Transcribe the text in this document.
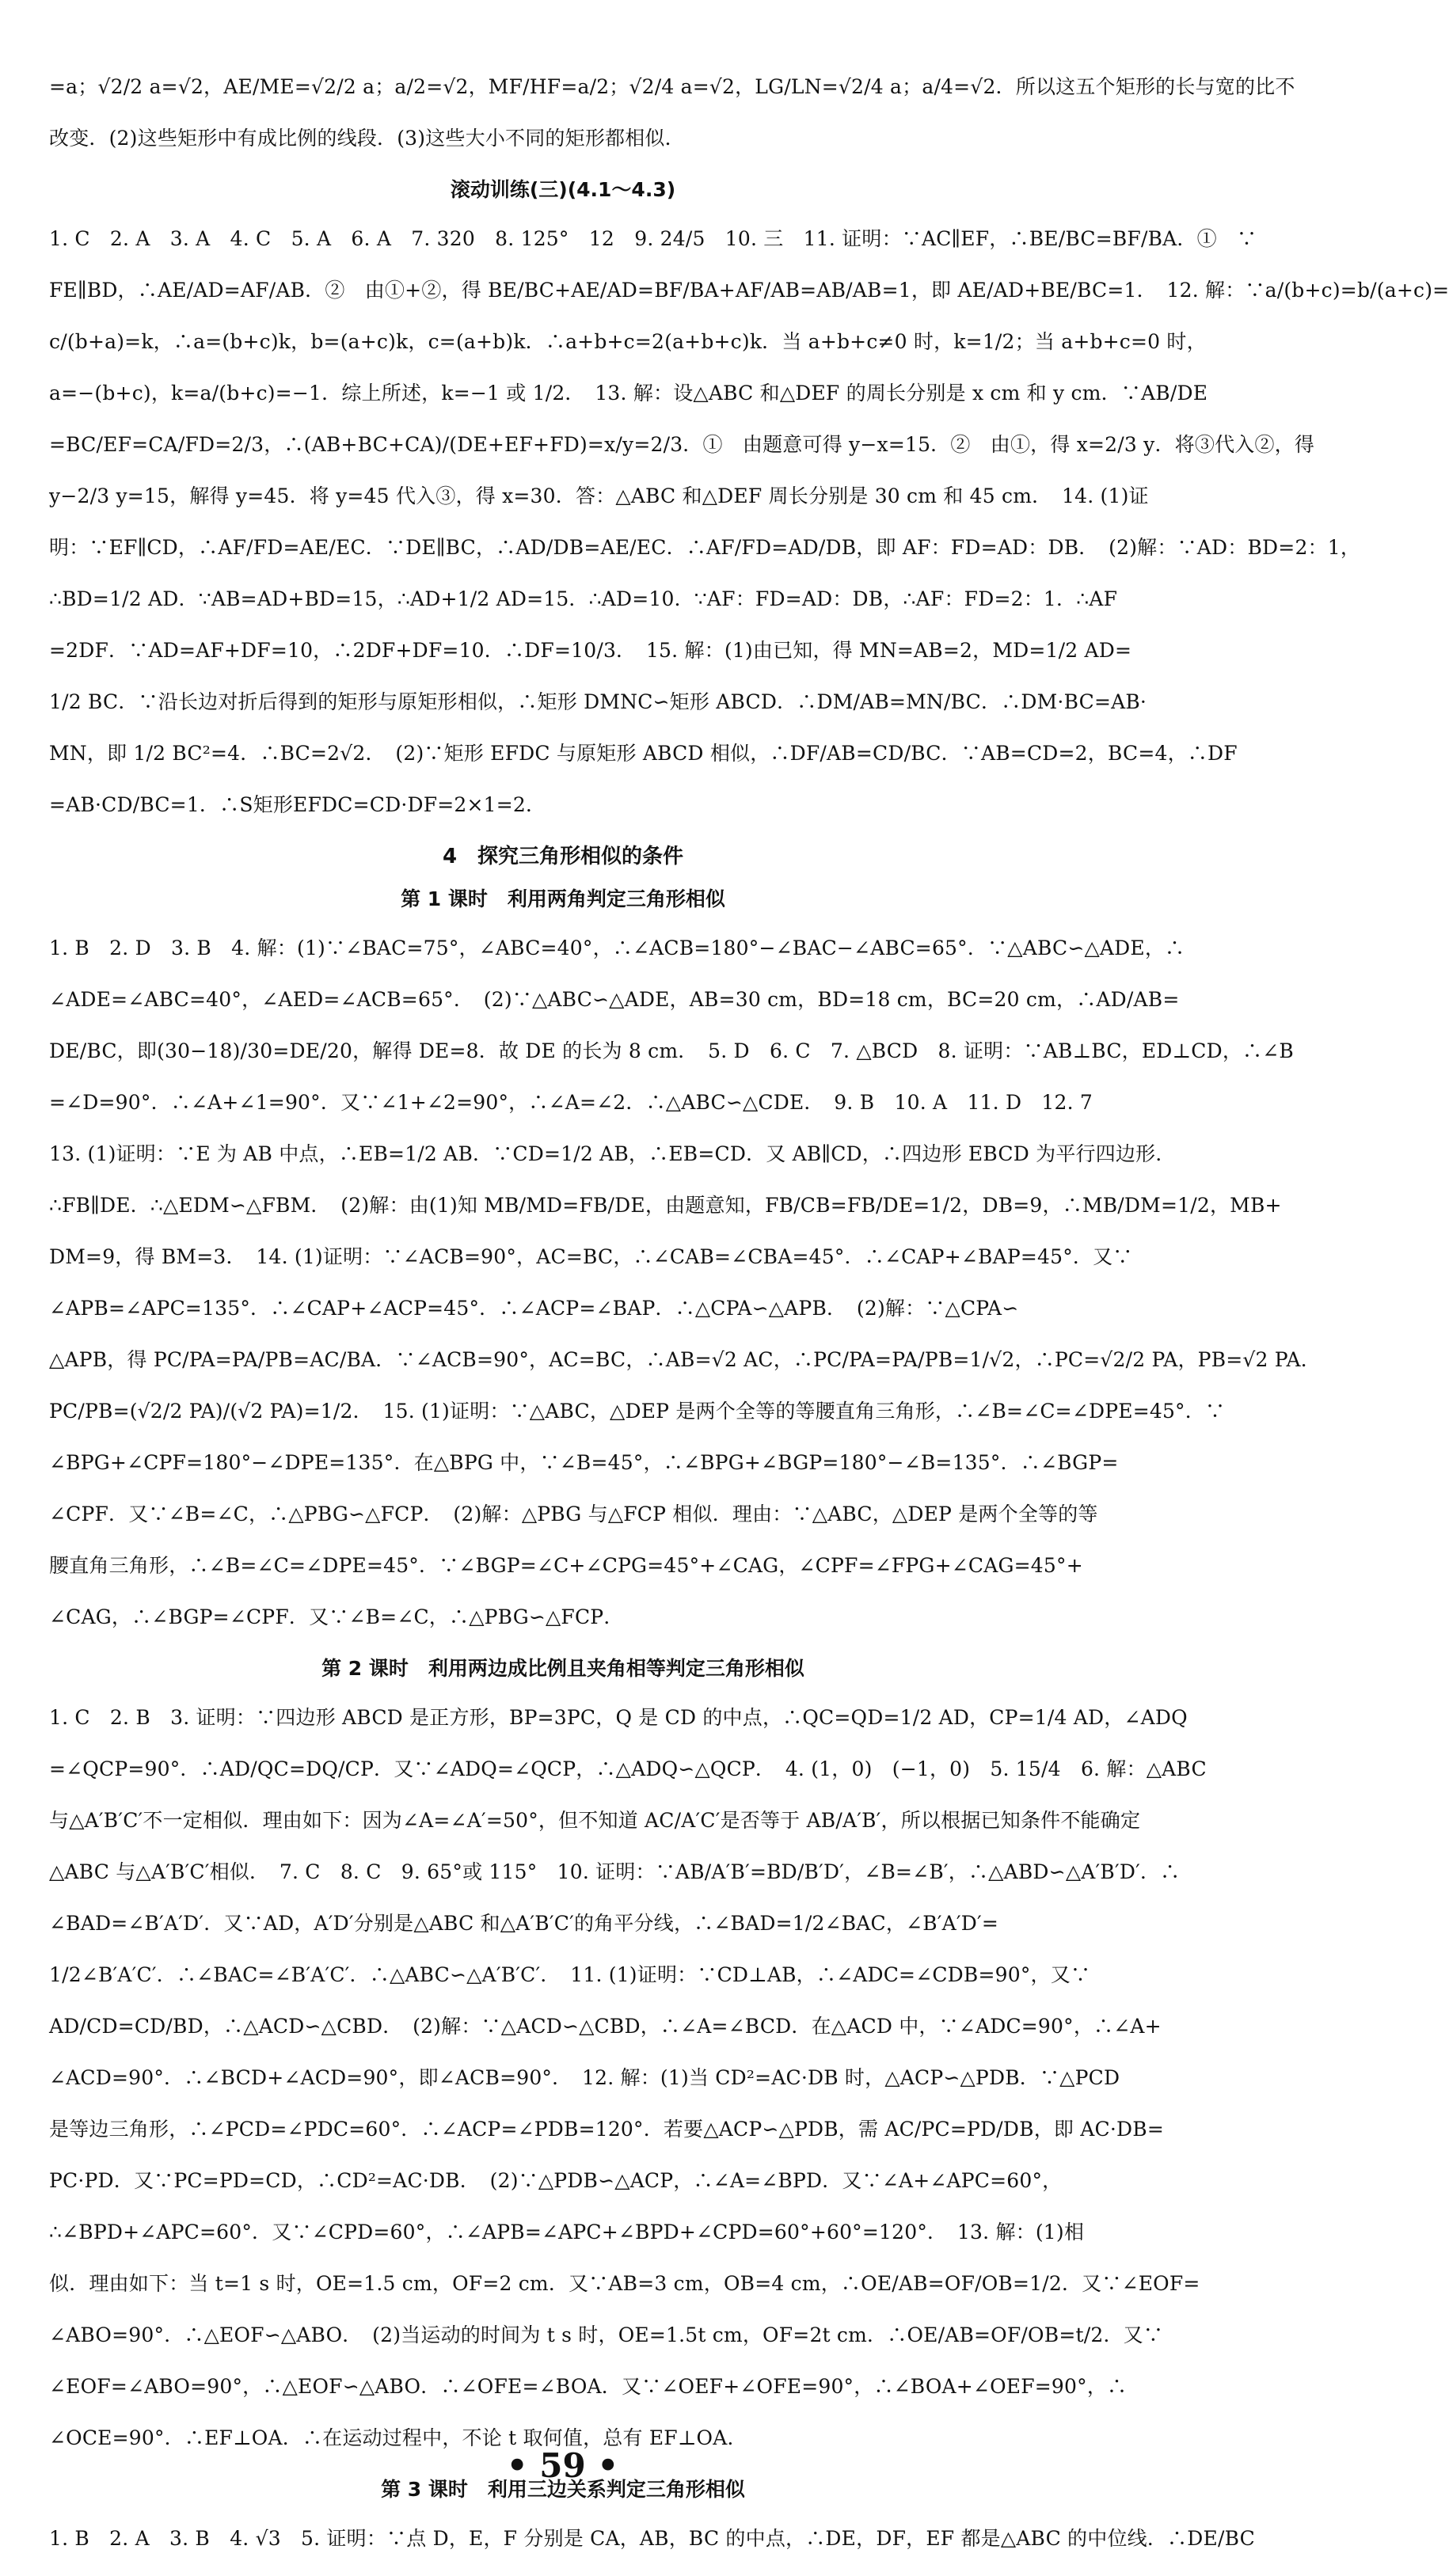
=a；√2/2 a=√2，AE/ME=√2/2 a；a/2=√2，MF/HF=a/2；√2/4 a=√2，LG/LN=√2/4 a；a/4=√2．所以这五个矩形的长与宽的比不
改变．(2)这些矩形中有成比例的线段．(3)这些大小不同的矩形都相似．
滚动训练(三)(4.1～4.3)
1. C　2. A　3. A　4. C　5. A　6. A　7. 320　8. 125°　12　9. 24/5　10. 三　11. 证明：∵AC∥EF，∴BE/BC=BF/BA．①　∵
FE∥BD，∴AE/AD=AF/AB．②　由①+②，得 BE/BC+AE/AD=BF/BA+AF/AB=AB/AB=1，即 AE/AD+BE/BC=1．　12. 解：∵a/(b+c)=b/(a+c)=
c/(b+a)=k，∴a=(b+c)k，b=(a+c)k，c=(a+b)k．∴a+b+c=2(a+b+c)k．当 a+b+c≠0 时，k=1/2；当 a+b+c=0 时，
a=−(b+c)，k=a/(b+c)=−1．综上所述，k=−1 或 1/2．　13. 解：设△ABC 和△DEF 的周长分别是 x cm 和 y cm．∵AB/DE
=BC/EF=CA/FD=2/3，∴(AB+BC+CA)/(DE+EF+FD)=x/y=2/3．①　由题意可得 y−x=15．②　由①，得 x=2/3 y．将③代入②，得
y−2/3 y=15，解得 y=45．将 y=45 代入③，得 x=30．答：△ABC 和△DEF 周长分别是 30 cm 和 45 cm．　14. (1)证
明：∵EF∥CD，∴AF/FD=AE/EC．∵DE∥BC，∴AD/DB=AE/EC．∴AF/FD=AD/DB，即 AF：FD=AD：DB．　(2)解：∵AD：BD=2：1，
∴BD=1/2 AD．∵AB=AD+BD=15，∴AD+1/2 AD=15．∴AD=10．∵AF：FD=AD：DB，∴AF：FD=2：1．∴AF
=2DF．∵AD=AF+DF=10，∴2DF+DF=10．∴DF=10/3．　15. 解：(1)由已知，得 MN=AB=2，MD=1/2 AD=
1/2 BC．∵沿长边对折后得到的矩形与原矩形相似，∴矩形 DMNC∽矩形 ABCD．∴DM/AB=MN/BC．∴DM·BC=AB·
MN，即 1/2 BC²=4．∴BC=2√2．　(2)∵矩形 EFDC 与原矩形 ABCD 相似，∴DF/AB=CD/BC．∵AB=CD=2，BC=4，∴DF
=AB·CD/BC=1．∴S矩形EFDC=CD·DF=2×1=2．
4　探究三角形相似的条件
第 1 课时　利用两角判定三角形相似
1. B　2. D　3. B　4. 解：(1)∵∠BAC=75°，∠ABC=40°，∴∠ACB=180°−∠BAC−∠ABC=65°．∵△ABC∽△ADE，∴
∠ADE=∠ABC=40°，∠AED=∠ACB=65°．　(2)∵△ABC∽△ADE，AB=30 cm，BD=18 cm，BC=20 cm，∴AD/AB=
DE/BC，即(30−18)/30=DE/20，解得 DE=8．故 DE 的长为 8 cm．　5. D　6. C　7. △BCD　8. 证明：∵AB⊥BC，ED⊥CD，∴∠B
=∠D=90°．∴∠A+∠1=90°．又∵∠1+∠2=90°，∴∠A=∠2．∴△ABC∽△CDE．　9. B　10. A　11. D　12. 7
13. (1)证明：∵E 为 AB 中点，∴EB=1/2 AB．∵CD=1/2 AB，∴EB=CD．又 AB∥CD，∴四边形 EBCD 为平行四边形．
∴FB∥DE．∴△EDM∽△FBM．　(2)解：由(1)知 MB/MD=FB/DE，由题意知，FB/CB=FB/DE=1/2，DB=9，∴MB/DM=1/2，MB+
DM=9，得 BM=3．　14. (1)证明：∵∠ACB=90°，AC=BC，∴∠CAB=∠CBA=45°．∴∠CAP+∠BAP=45°．又∵
∠APB=∠APC=135°．∴∠CAP+∠ACP=45°．∴∠ACP=∠BAP．∴△CPA∽△APB．　(2)解：∵△CPA∽
△APB，得 PC/PA=PA/PB=AC/BA．∵∠ACB=90°，AC=BC，∴AB=√2 AC，∴PC/PA=PA/PB=1/√2，∴PC=√2/2 PA，PB=√2 PA．
PC/PB=(√2/2 PA)/(√2 PA)=1/2．　15. (1)证明：∵△ABC，△DEP 是两个全等的等腰直角三角形，∴∠B=∠C=∠DPE=45°．∵
∠BPG+∠CPF=180°−∠DPE=135°．在△BPG 中，∵∠B=45°，∴∠BPG+∠BGP=180°−∠B=135°．∴∠BGP=
∠CPF．又∵∠B=∠C，∴△PBG∽△FCP．　(2)解：△PBG 与△FCP 相似．理由：∵△ABC，△DEP 是两个全等的等
腰直角三角形，∴∠B=∠C=∠DPE=45°．∵∠BGP=∠C+∠CPG=45°+∠CAG，∠CPF=∠FPG+∠CAG=45°+
∠CAG，∴∠BGP=∠CPF．又∵∠B=∠C，∴△PBG∽△FCP．
第 2 课时　利用两边成比例且夹角相等判定三角形相似
1. C　2. B　3. 证明：∵四边形 ABCD 是正方形，BP=3PC，Q 是 CD 的中点，∴QC=QD=1/2 AD，CP=1/4 AD，∠ADQ
=∠QCP=90°．∴AD/QC=DQ/CP．又∵∠ADQ=∠QCP，∴△ADQ∽△QCP．　4. (1，0)　(−1，0)　5. 15/4　6. 解：△ABC
与△A′B′C′不一定相似．理由如下：因为∠A=∠A′=50°，但不知道 AC/A′C′是否等于 AB/A′B′，所以根据已知条件不能确定
△ABC 与△A′B′C′相似．　7. C　8. C　9. 65°或 115°　10. 证明：∵AB/A′B′=BD/B′D′，∠B=∠B′，∴△ABD∽△A′B′D′．∴
∠BAD=∠B′A′D′．又∵AD，A′D′分别是△ABC 和△A′B′C′的角平分线，∴∠BAD=1/2∠BAC，∠B′A′D′=
1/2∠B′A′C′．∴∠BAC=∠B′A′C′．∴△ABC∽△A′B′C′．　11. (1)证明：∵CD⊥AB，∴∠ADC=∠CDB=90°，又∵
AD/CD=CD/BD，∴△ACD∽△CBD．　(2)解：∵△ACD∽△CBD，∴∠A=∠BCD．在△ACD 中，∵∠ADC=90°，∴∠A+
∠ACD=90°．∴∠BCD+∠ACD=90°，即∠ACB=90°．　12. 解：(1)当 CD²=AC·DB 时，△ACP∽△PDB．∵△PCD
是等边三角形，∴∠PCD=∠PDC=60°．∴∠ACP=∠PDB=120°．若要△ACP∽△PDB，需 AC/PC=PD/DB，即 AC·DB=
PC·PD．又∵PC=PD=CD，∴CD²=AC·DB．　(2)∵△PDB∽△ACP，∴∠A=∠BPD．又∵∠A+∠APC=60°，
∴∠BPD+∠APC=60°．又∵∠CPD=60°，∴∠APB=∠APC+∠BPD+∠CPD=60°+60°=120°．　13. 解：(1)相
似．理由如下：当 t=1 s 时，OE=1.5 cm，OF=2 cm．又∵AB=3 cm，OB=4 cm，∴OE/AB=OF/OB=1/2．又∵∠EOF=
∠ABO=90°．∴△EOF∽△ABO．　(2)当运动的时间为 t s 时，OE=1.5t cm，OF=2t cm．∴OE/AB=OF/OB=t/2．又∵
∠EOF=∠ABO=90°，∴△EOF∽△ABO．∴∠OFE=∠BOA．又∵∠OEF+∠OFE=90°，∴∠BOA+∠OEF=90°，∴
∠OCE=90°．∴EF⊥OA．∴在运动过程中，不论 t 取何值，总有 EF⊥OA．
第 3 课时　利用三边关系判定三角形相似
1. B　2. A　3. B　4. √3　5. 证明：∵点 D，E，F 分别是 CA，AB，BC 的中点，∴DE，DF，EF 都是△ABC 的中位线．∴DE/BC
• 59 •
